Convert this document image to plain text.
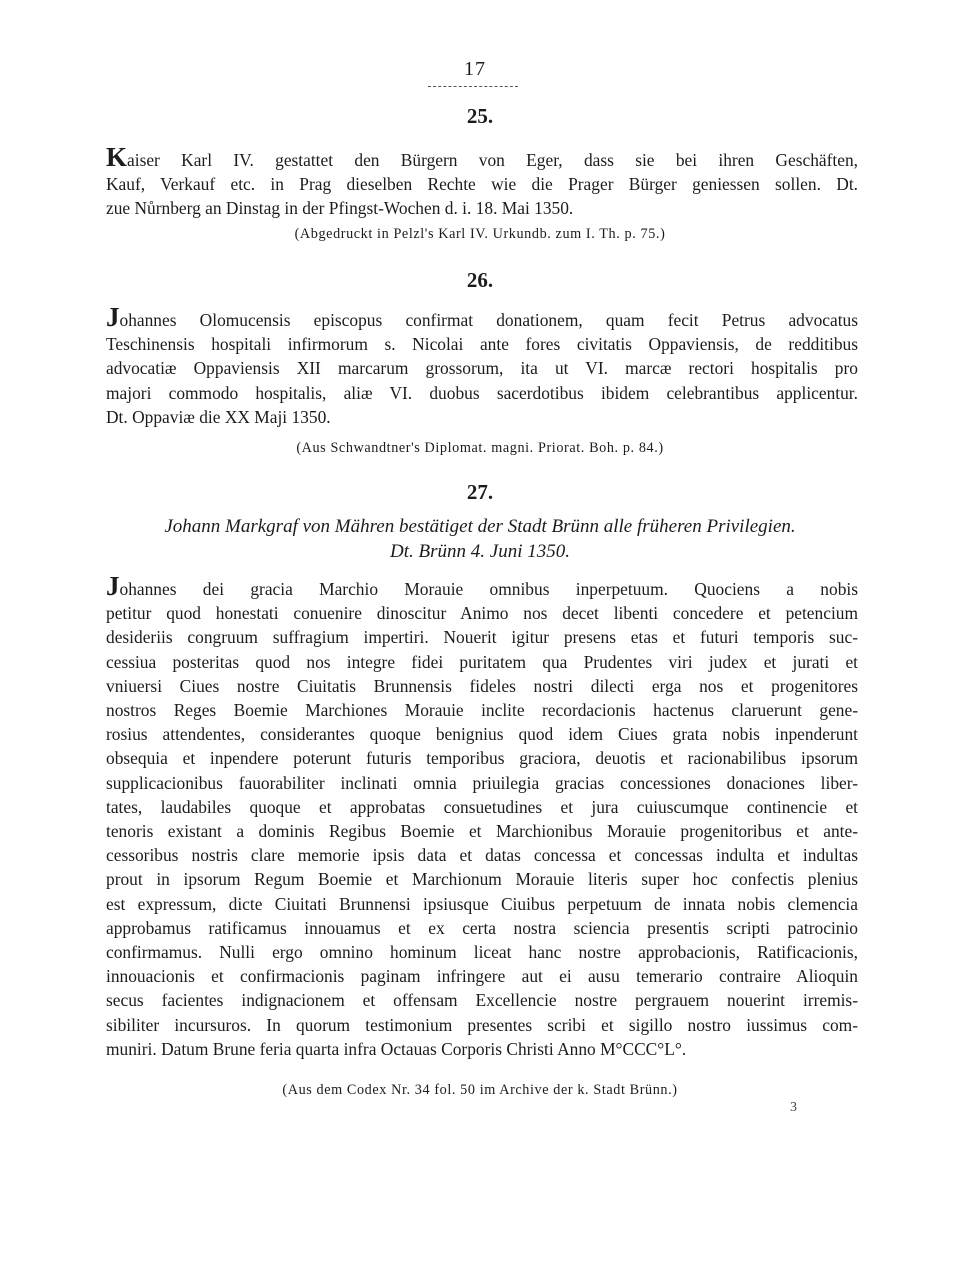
17
25.
Kaiser Karl IV. gestattet den Bürgern von Eger, dass sie bei ihren Geschäften,
Kauf, Verkauf etc. in Prag dieselben Rechte wie die Prager Bürger geniessen sollen. Dt.
zue Nůrnberg an Dinstag in der Pfingst-Wochen d. i. 18. Mai 1350.
(Abgedruckt in Pelzl's Karl IV. Urkundb. zum I. Th. p. 75.)
26.
Johannes Olomucensis episcopus confirmat donationem, quam fecit Petrus advocatus
Teschinensis hospitali infirmorum s. Nicolai ante fores civitatis Oppaviensis, de redditibus
advocatiæ Oppaviensis XII marcarum grossorum, ita ut VI. marcæ rectori hospitalis pro
majori commodo hospitalis, aliæ VI. duobus sacerdotibus ibidem celebrantibus applicentur.
Dt. Oppaviæ die XX Maji 1350.
(Aus Schwandtner's Diplomat. magni. Priorat. Boh. p. 84.)
27.
Johann Markgraf von Mähren bestätiget der Stadt Brünn alle früheren Privilegien.
Dt. Brünn 4. Juni 1350.
Johannes dei gracia Marchio Morauie omnibus inperpetuum. Quociens a nobis
petitur quod honestati conuenire dinoscitur Animo nos decet libenti concedere et petencium
desideriis congruum suffragium impertiri. Nouerit igitur presens etas et futuri temporis suc-
cessiua posteritas quod nos integre fidei puritatem qua Prudentes viri judex et jurati et
vniuersi Ciues nostre Ciuitatis Brunnensis fideles nostri dilecti erga nos et progenitores
nostros Reges Boemie Marchiones Morauie inclite recordacionis hactenus claruerunt gene-
rosius attendentes, considerantes quoque benignius quod idem Ciues grata nobis inpenderunt
obsequia et inpendere poterunt futuris temporibus graciora, deuotis et racionabilibus ipsorum
supplicacionibus fauorabiliter inclinati omnia priuilegia gracias concessiones donaciones liber-
tates, laudabiles quoque et approbatas consuetudines et jura cuiuscumque continencie et
tenoris existant a dominis Regibus Boemie et Marchionibus Morauie progenitoribus et ante-
cessoribus nostris clare memorie ipsis data et datas concessa et concessas indulta et indultas
prout in ipsorum Regum Boemie et Marchionum Morauie literis super hoc confectis plenius
est expressum, dicte Ciuitati Brunnensi ipsiusque Ciuibus perpetuum de innata nobis clemencia
approbamus ratificamus innouamus et ex certa nostra sciencia presentis scripti patrocinio
confirmamus. Nulli ergo omnino hominum liceat hanc nostre approbacionis, Ratificacionis,
innouacionis et confirmacionis paginam infringere aut ei ausu temerario contraire Alioquin
secus facientes indignacionem et offensam Excellencie nostre pergrauem nouerint irremis-
sibiliter incursuros. In quorum testimonium presentes scribi et sigillo nostro iussimus com-
muniri. Datum Brune feria quarta infra Octauas Corporis Christi Anno M°CCC°L°.
(Aus dem Codex Nr. 34 fol. 50 im Archive der k. Stadt Brünn.)
3
